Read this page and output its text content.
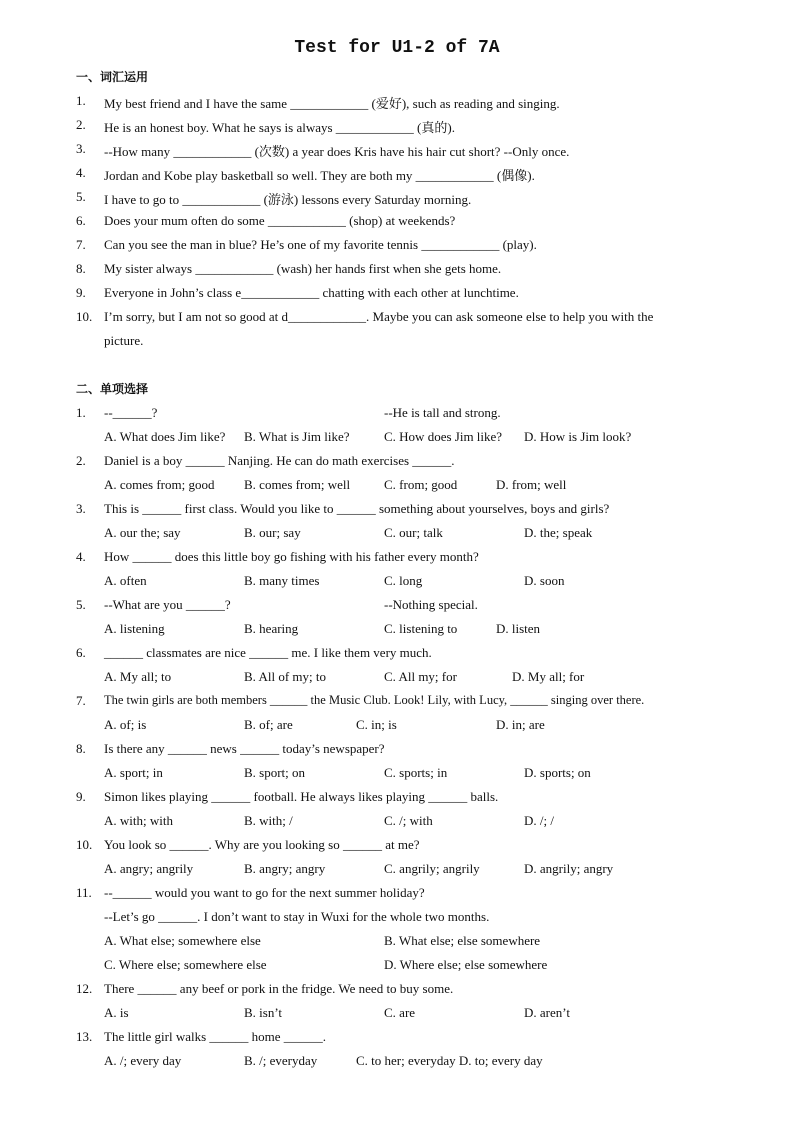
Test for U1-2 of 7A
一、词汇运用
1. My best friend and I have the same ____________ (爱好), such as reading and singing.
2. He is an honest boy. What he says is always ____________ (真的).
3. --How many ____________ (次数) a year does Kris have his hair cut short? --Only once.
4. Jordan and Kobe play basketball so well. They are both my ____________ (偶像).
5. I have to go to ____________ (游泳) lessons every Saturday morning.
6. Does your mum often do some ____________ (shop) at weekends?
7. Can you see the man in blue? He’s one of my favorite tennis ____________ (play).
8. My sister always ____________ (wash) her hands first when she gets home.
9. Everyone in John’s class e____________ chatting with each other at lunchtime.
10. I’m sorry, but I am not so good at d____________. Maybe you can ask someone else to help you with the
picture.
二、单项选择
1. --______?	--He is tall and strong.
A. What does Jim like? B. What is Jim like?	C. How does Jim like? D. How is Jim look?
2. Daniel is a boy ______ Nanjing. He can do math exercises ______.
A. comes from; good B. comes from; well	C. from; good	D. from; well
3. This is ______ first class. Would you like to ______ something about yourselves, boys and girls?
A. our the; say	B. our; say	C. our; talk	D. the; speak
4. How ______ does this little boy go fishing with his father every month?
A. often	B. many times	C. long	D. soon
5. --What are you ______?	--Nothing special.
A. listening	B. hearing	C. listening to	D. listen
6. ______ classmates are nice ______ me. I like them very much.
A. My all; to	B. All of my; to	C. All my; for	D. My all; for
7. The twin girls are both members ______ the Music Club. Look! Lily, with Lucy, ______ singing over there.
A. of; is	B. of; are	C. in; is	D. in; are
8. Is there any ______ news ______ today’s newspaper?
A. sport; in	B. sport; on	C. sports; in	D. sports; on
9. Simon likes playing ______ football. He always likes playing ______ balls.
A. with; with	B. with; /	C. /; with	D. /; /
10. You look so ______. Why are you looking so ______ at me?
A. angry; angrily	B. angry; angry	C. angrily; angrily	D. angrily; angry
11. --______ would you want to go for the next summer holiday?
--Let’s go ______. I don’t want to stay in Wuxi for the whole two months.
A. What else; somewhere else	B. What else; else somewhere
C. Where else; somewhere else	D. Where else; else somewhere
12. There ______ any beef or pork in the fridge. We need to buy some.
A. is	B. isn’t	C. are	D. aren’t
13. The little girl walks ______ home ______.
A. /; every day	B. /; everyday	C. to her; everyday D. to; every day
